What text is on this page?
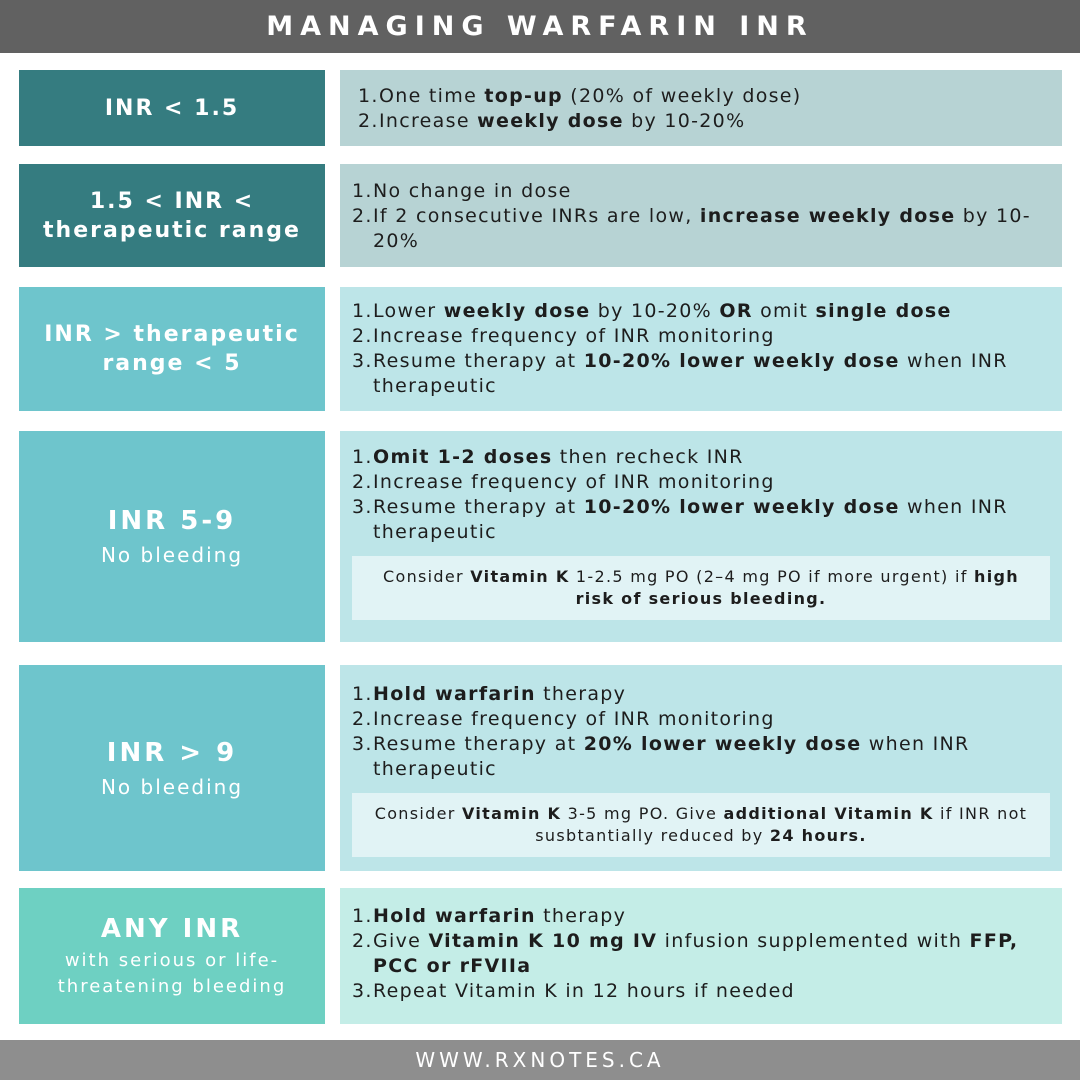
MANAGING WARFARIN INR
INR < 1.5	1. One time top-up (20% of weekly dose)
2. Increase weekly dose by 10-20%
1.5 < INR <
therapeutic range
1. No change in dose
2. If 2 consecutive INRs are low, increase weekly dose by 10-20%
INR > therapeutic
range < 5
1. Lower weekly dose by 10-20% OR omit single dose
2. Increase frequency of INR monitoring
3. Resume therapy at 10-20% lower weekly dose when INR therapeutic
INR 5-9
No bleeding
1. Omit 1-2 doses then recheck INR
2. Increase frequency of INR monitoring
3. Resume therapy at 10-20% lower weekly dose when INR therapeutic
Consider Vitamin K 1-2.5 mg PO (2–4 mg PO if more urgent) if high risk of serious bleeding.
INR > 9
No bleeding
1. Hold warfarin therapy
2. Increase frequency of INR monitoring
3. Resume therapy at 20% lower weekly dose when INR therapeutic
Consider Vitamin K 3-5 mg PO. Give additional Vitamin K if INR not susbtantially reduced by 24 hours.
ANY INR
with serious or life-
threatening bleeding
1. Hold warfarin therapy
2. Give Vitamin K 10 mg IV infusion supplemented with FFP, PCC or rFVIIa
3. Repeat Vitamin K in 12 hours if needed
WWW.RXNOTES.CA
